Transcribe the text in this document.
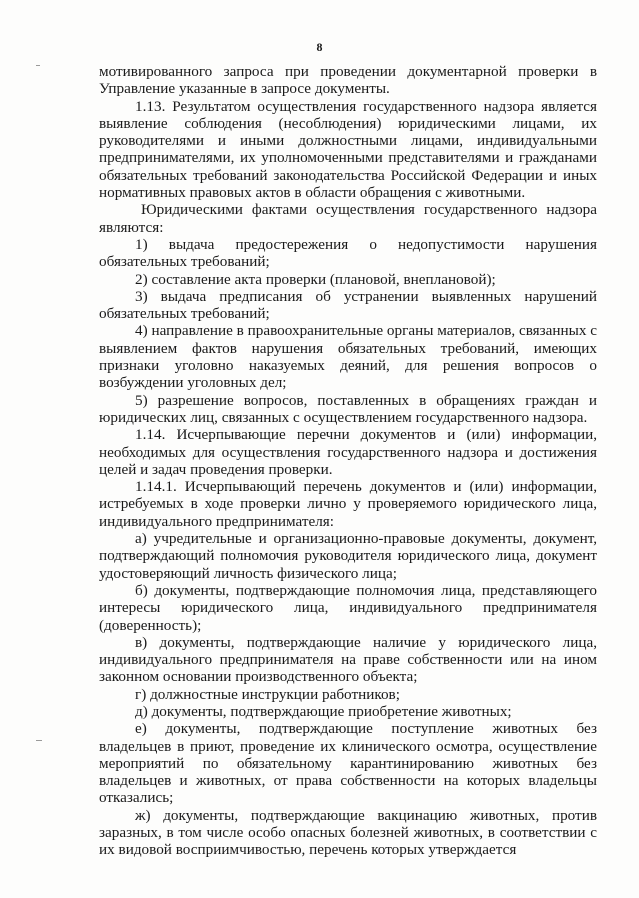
8

мотивированного запроса при проведении документарной проверки в Управление указанные в запросе документы.

1.13. Результатом осуществления государственного надзора является выявление соблюдения (несоблюдения) юридическими лицами, их руководителями и иными должностными лицами, индивидуальными предпринимателями, их уполномоченными представителями и гражданами обязательных требований законодательства Российской Федерации и иных нормативных правовых актов в области обращения с животными.

Юридическими фактами осуществления государственного надзора являются:

1) выдача предостережения о недопустимости нарушения обязательных требований;

2) составление акта проверки (плановой, внеплановой);

3) выдача предписания об устранении выявленных нарушений обязательных требований;

4) направление в правоохранительные органы материалов, связанных с выявлением фактов нарушения обязательных требований, имеющих признаки уголовно наказуемых деяний, для решения вопросов о возбуждении уголовных дел;

5) разрешение вопросов, поставленных в обращениях граждан и юридических лиц, связанных с осуществлением государственного надзора.

1.14. Исчерпывающие перечни документов и (или) информации, необходимых для осуществления государственного надзора и достижения целей и задач проведения проверки.

1.14.1. Исчерпывающий перечень документов и (или) информации, истребуемых в ходе проверки лично у проверяемого юридического лица, индивидуального предпринимателя:

а) учредительные и организационно-правовые документы, документ, подтверждающий полномочия руководителя юридического лица, документ удостоверяющий личность физического лица;

б) документы, подтверждающие полномочия лица, представляющего интересы юридического лица, индивидуального предпринимателя (доверенность);

в) документы, подтверждающие наличие у юридического лица, индивидуального предпринимателя на праве собственности или на ином законном основании производственного объекта;

г) должностные инструкции работников;

д) документы, подтверждающие приобретение животных;

е) документы, подтверждающие поступление животных без владельцев в приют, проведение их клинического осмотра, осуществление мероприятий по обязательному карантинированию животных без владельцев и животных, от права собственности на которых владельцы отказались;

ж) документы, подтверждающие вакцинацию животных, против заразных, в том числе особо опасных болезней животных, в соответствии с их видовой восприимчивостью, перечень которых утверждается
